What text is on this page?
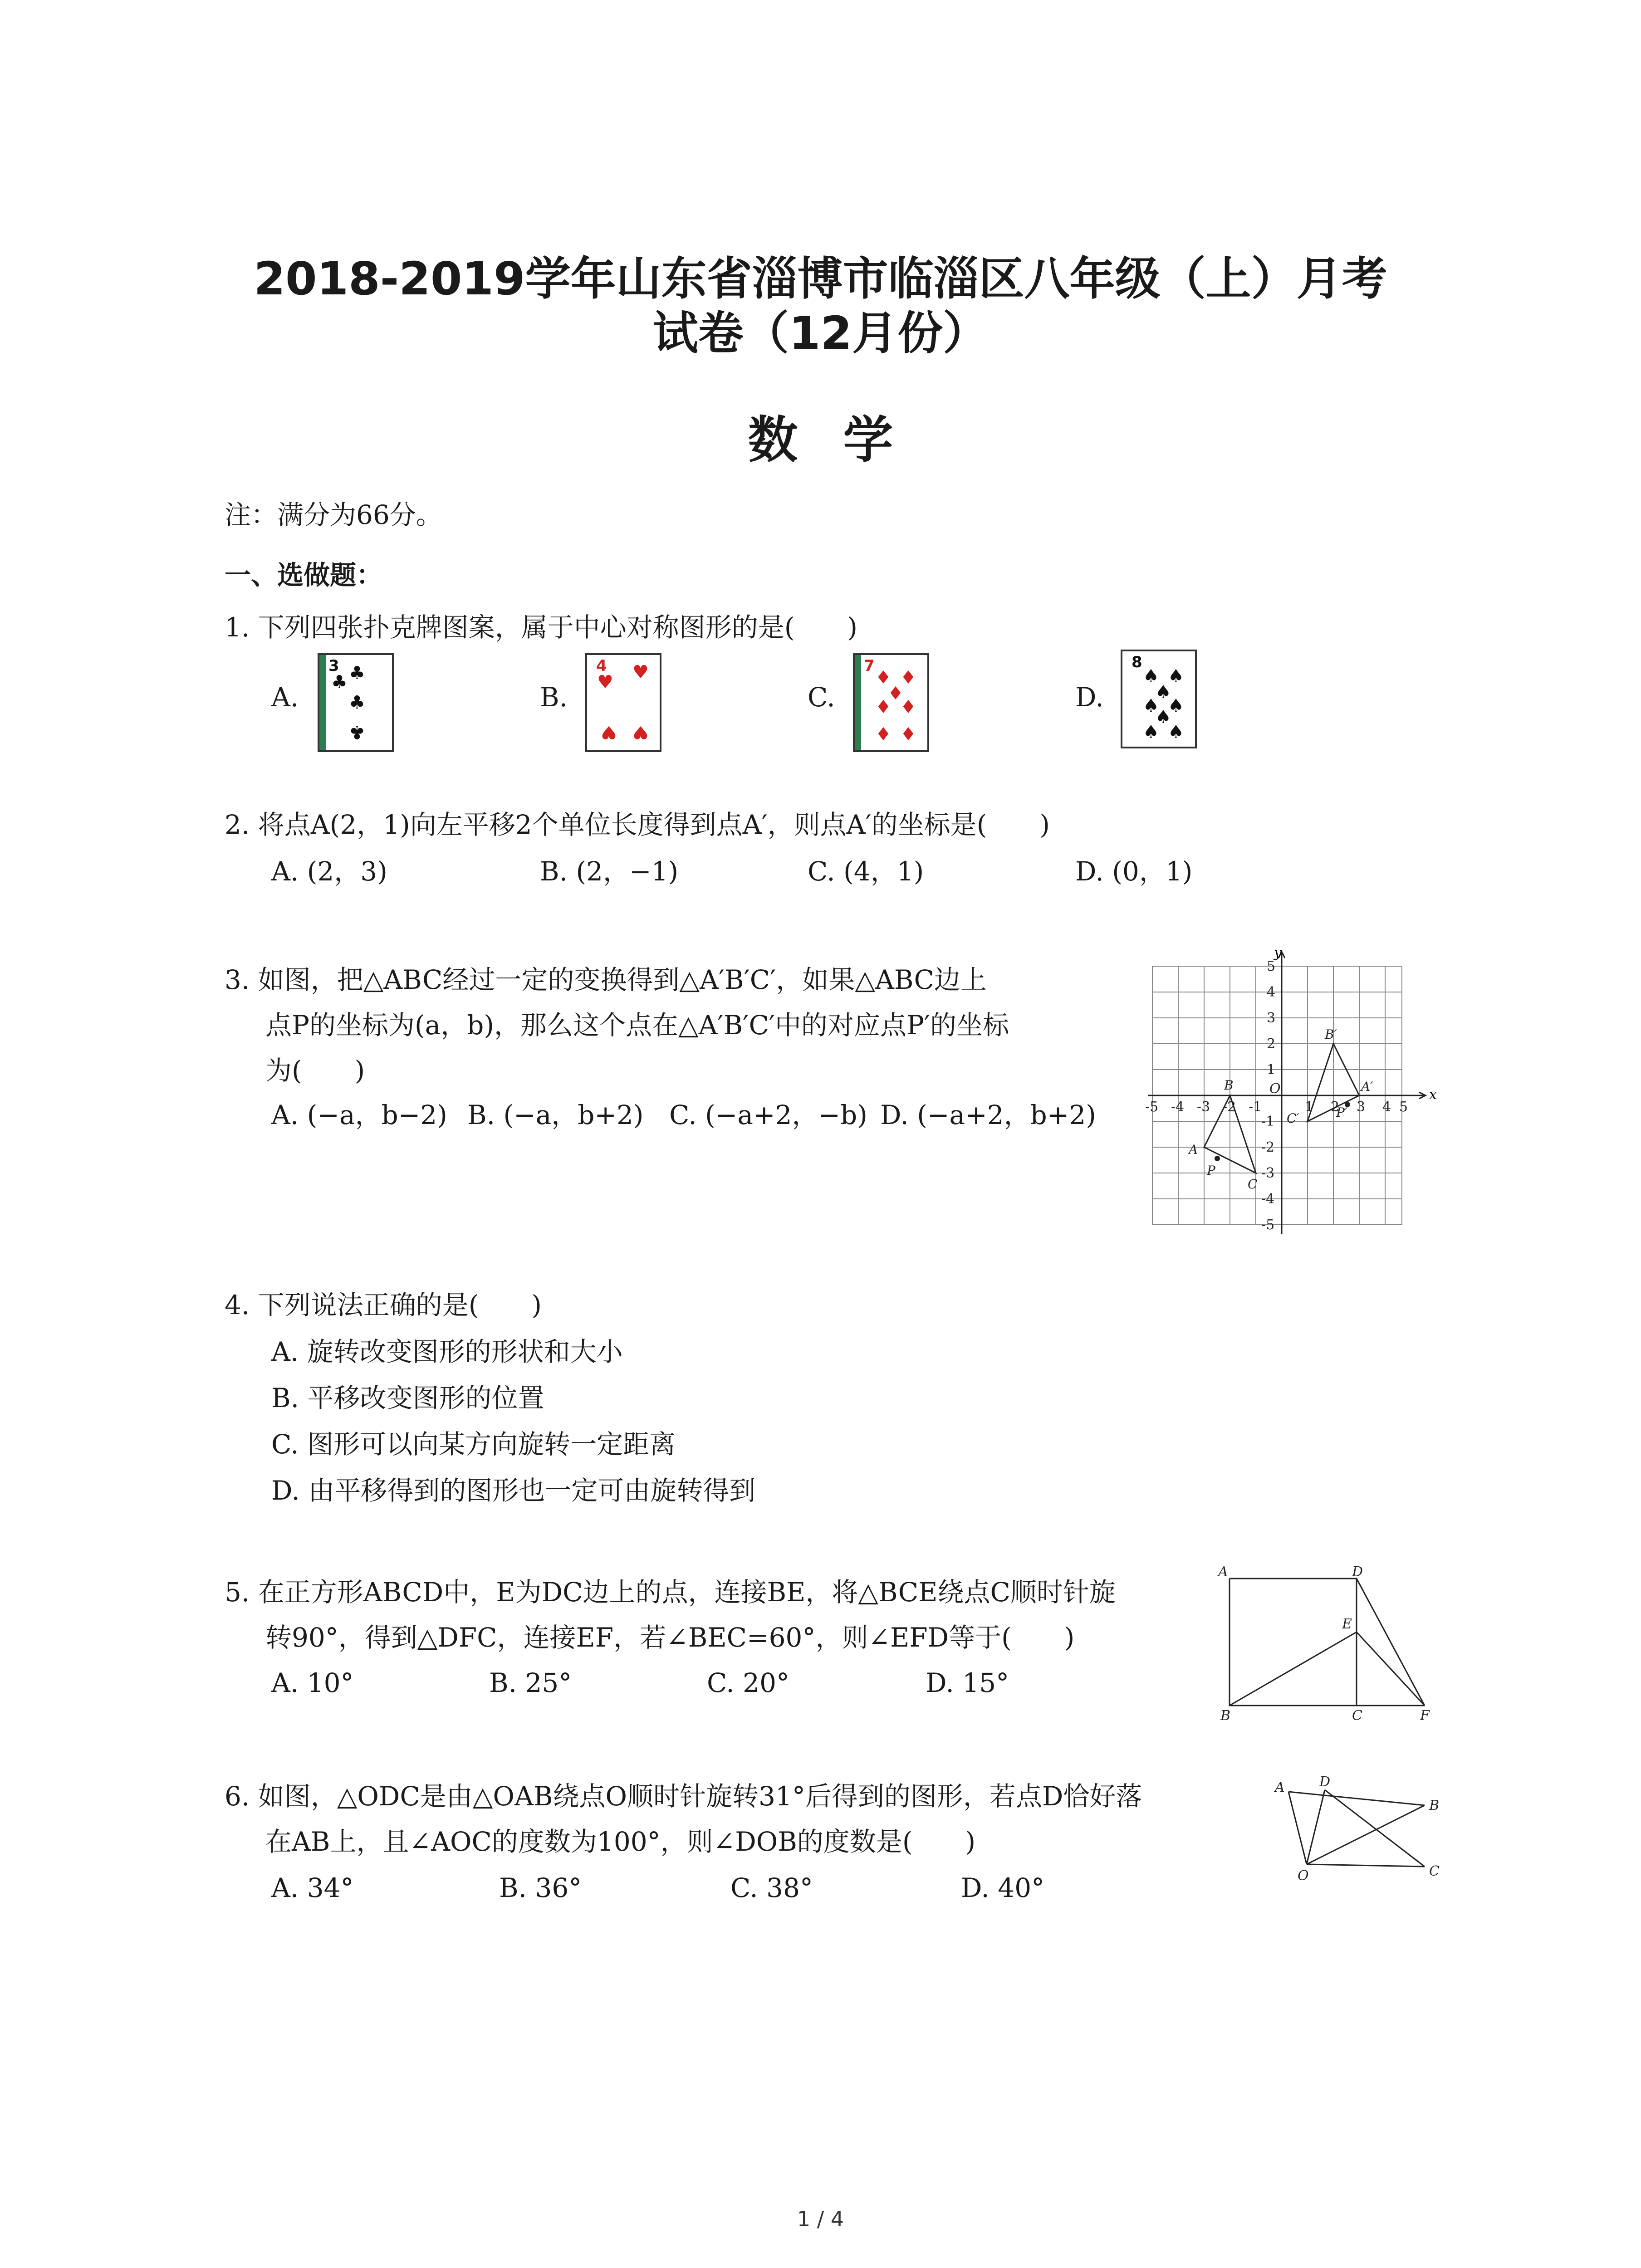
2018-2019学年山东省淄博市临淄区八年级（上）月考
试卷（12月份）
数学
注：满分为66分。
一、选做题：
1. 下列四张扑克牌图案，属于中心对称图形的是(　　)
A.	B.	C.	D.
3
♣ ♣
♣
♣
4
♥ ♥
♥ ♥
7
♦ ♦
♦
♦ ♦
♦ ♦
8
♠ ♠
♠
♠ ♠
♠
♠ ♠
2. 将点A(2，1)向左平移2个单位长度得到点A′，则点A′的坐标是(　　)
A. (2，3)	B. (2，−1)	C. (4，1)	D. (0，1)
3. 如图，把△ABC经过一定的变换得到△A′B′C′，如果△ABC边上
点P的坐标为(a，b)，那么这个点在△A′B′C′中的对应点P′的坐标
为(　　)
A. (−a，b−2) B. (−a，b+2) C. (−a+2，−b) D. (−a+2，b+2)
x
y
-5 -4 -3 -2 -1
O
1 2 3 4 5
5
4
3
2
1
-1
-2
-3
-4
-5
A
B
C
P
A′
B′
C′	P′
4. 下列说法正确的是(　　)
A. 旋转改变图形的形状和大小
B. 平移改变图形的位置
C. 图形可以向某方向旋转一定距离
D. 由平移得到的图形也一定可由旋转得到
5. 在正方形ABCD中，E为DC边上的点，连接BE，将△BCE绕点C顺时针旋
转90°，得到△DFC，连接EF，若∠BEC=60°，则∠EFD等于(　　)
A. 10°	B. 25°	C. 20°	D. 15°
A	D
E
B	C	F
6. 如图，△ODC是由△OAB绕点O顺时针旋转31°后得到的图形，若点D恰好落
在AB上，且∠AOC的度数为100°，则∠DOB的度数是(　　)
A. 34°	B. 36°	C. 38°	D. 40°
A	D
B
O	C
1 / 4
